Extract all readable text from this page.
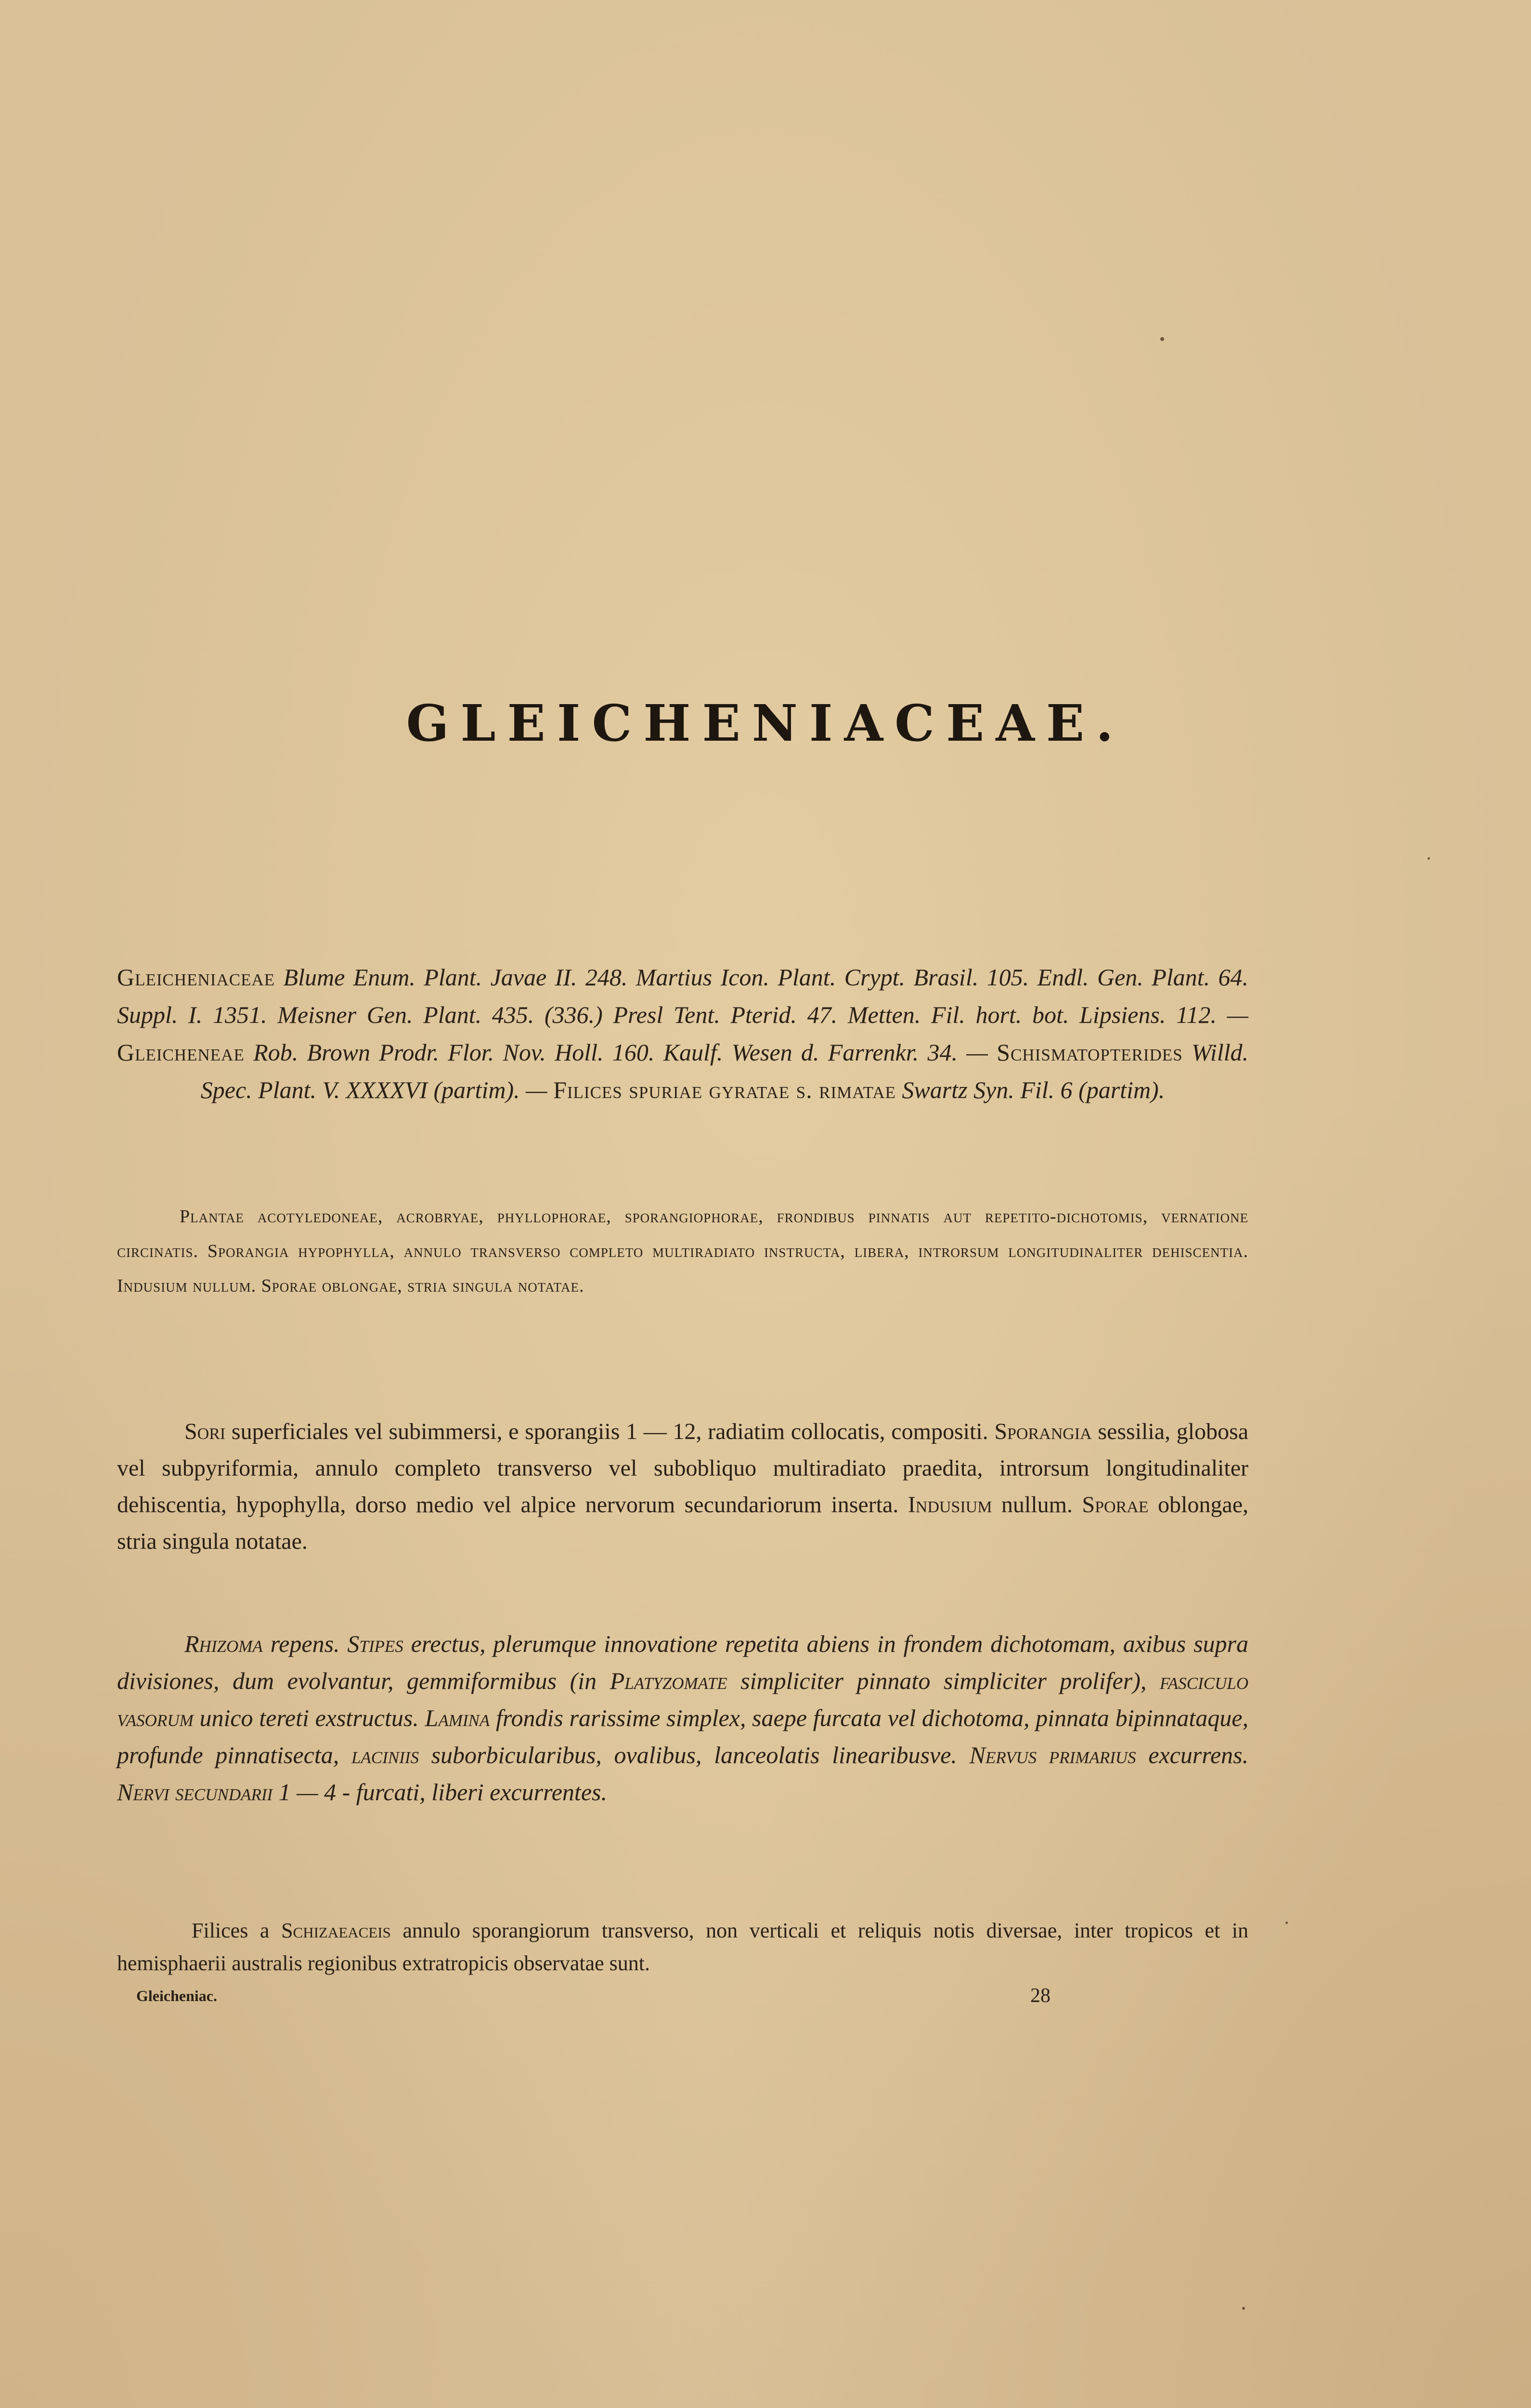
GLEICHENIACEAE.
Gleicheniaceae Blume Enum. Plant. Javae II. 248. Martius Icon. Plant. Crypt. Brasil. 105. Endl. Gen. Plant. 64. Suppl. I. 1351. Meisner Gen. Plant. 435. (336.) Presl Tent. Pterid. 47. Metten. Fil. hort. bot. Lipsiens. 112. — Gleicheneae Rob. Brown Prodr. Flor. Nov. Holl. 160. Kaulf. Wesen d. Farrenkr. 34. — Schismatopterides Willd. Spec. Plant. V. XXXXVI (partim). — Filices spuriae gyratae s. rimatae Swartz Syn. Fil. 6 (partim).
Plantae acotyledoneae, acrobryae, phyllophorae, sporangiophorae, frondibus pinnatis aut repetito-dichotomis, vernatione circinatis. Sporangia hypophylla, annulo transverso completo multiradiato instructa, libera, introrsum longitudinaliter dehiscentia. Indusium nullum. Sporae oblongae, stria singula notatae.
Sori superficiales vel subimmersi, e sporangiis 1 — 12, radiatim collocatis, compositi. Sporangia sessilia, globosa vel subpyriformia, annulo completo transverso vel subobliquo multiradiato praedita, introrsum longitudinaliter dehiscentia, hypophylla, dorso medio vel alpice nervorum secundariorum inserta. Indusium nullum. Sporae oblongae, stria singula notatae.
Rhizoma repens. Stipes erectus, plerumque innovatione repetita abiens in frondem dichotomam, axibus supra divisiones, dum evolvantur, gemmiformibus (in Platyzomate simpliciter pinnato simpliciter prolifer), fasciculo vasorum unico tereti exstructus. Lamina frondis rarissime simplex, saepe furcata vel dichotoma, pinnata bipinnataque, profunde pinnatisecta, laciniis suborbicularibus, ovalibus, lanceolatis linearibusve. Nervus primarius excurrens. Nervi secundarii 1 — 4 - furcati, liberi excurrentes.
Filices a Schizaeaceis annulo sporangiorum transverso, non verticali et reliquis notis diversae, inter tropicos et in hemisphaerii australis regionibus extratropicis observatae sunt.
Gleicheniac.	28
